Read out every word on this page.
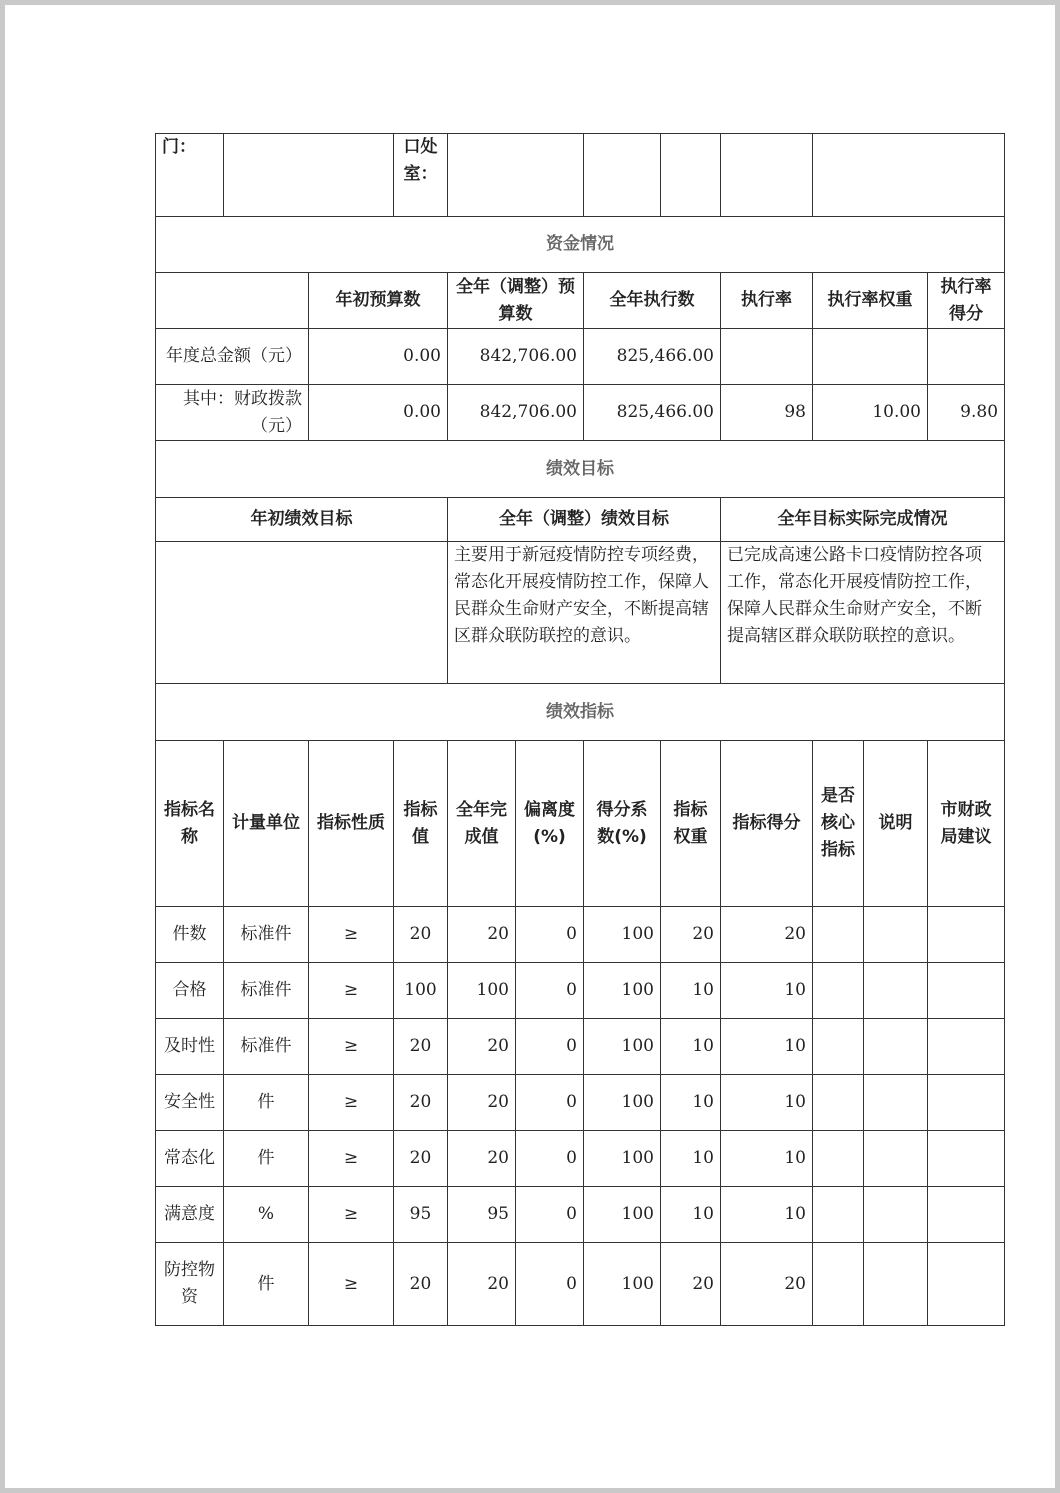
门：			口处室：								
资金情况											
		年初预算数		全年（调整）预算数		全年执行数		执行率	执行率权重		执行率得分
年度总金额（元）		0.00		842,706.00		825,466.00					
其中：财政拨款（元）		0.00		842,706.00		825,466.00		98	10.00		9.80
绩效目标											
年初绩效目标				全年（调整）绩效目标				全年目标实际完成情况			
				主要用于新冠疫情防控专项经费，常态化开展疫情防控工作，保障人民群众生命财产安全，不断提高辖区群众联防联控的意识。				已完成高速公路卡口疫情防控各项工作，常态化开展疫情防控工作，保障人民群众生命财产安全，不断提高辖区群众联防联控的意识。			
绩效指标											
指标名称	计量单位	指标性质	指标值	全年完成值	偏离度(%)	得分系数(%)	指标权重	指标得分	是否核心指标	说明	市财政局建议
件数	标准件	≥	20	20	0	100	20	20			
合格	标准件	≥	100	100	0	100	10	10			
及时性	标准件	≥	20	20	0	100	10	10			
安全性	件	≥	20	20	0	100	10	10			
常态化	件	≥	20	20	0	100	10	10			
满意度	%	≥	95	95	0	100	10	10			
防控物资	件	≥	20	20	0	100	20	20			
